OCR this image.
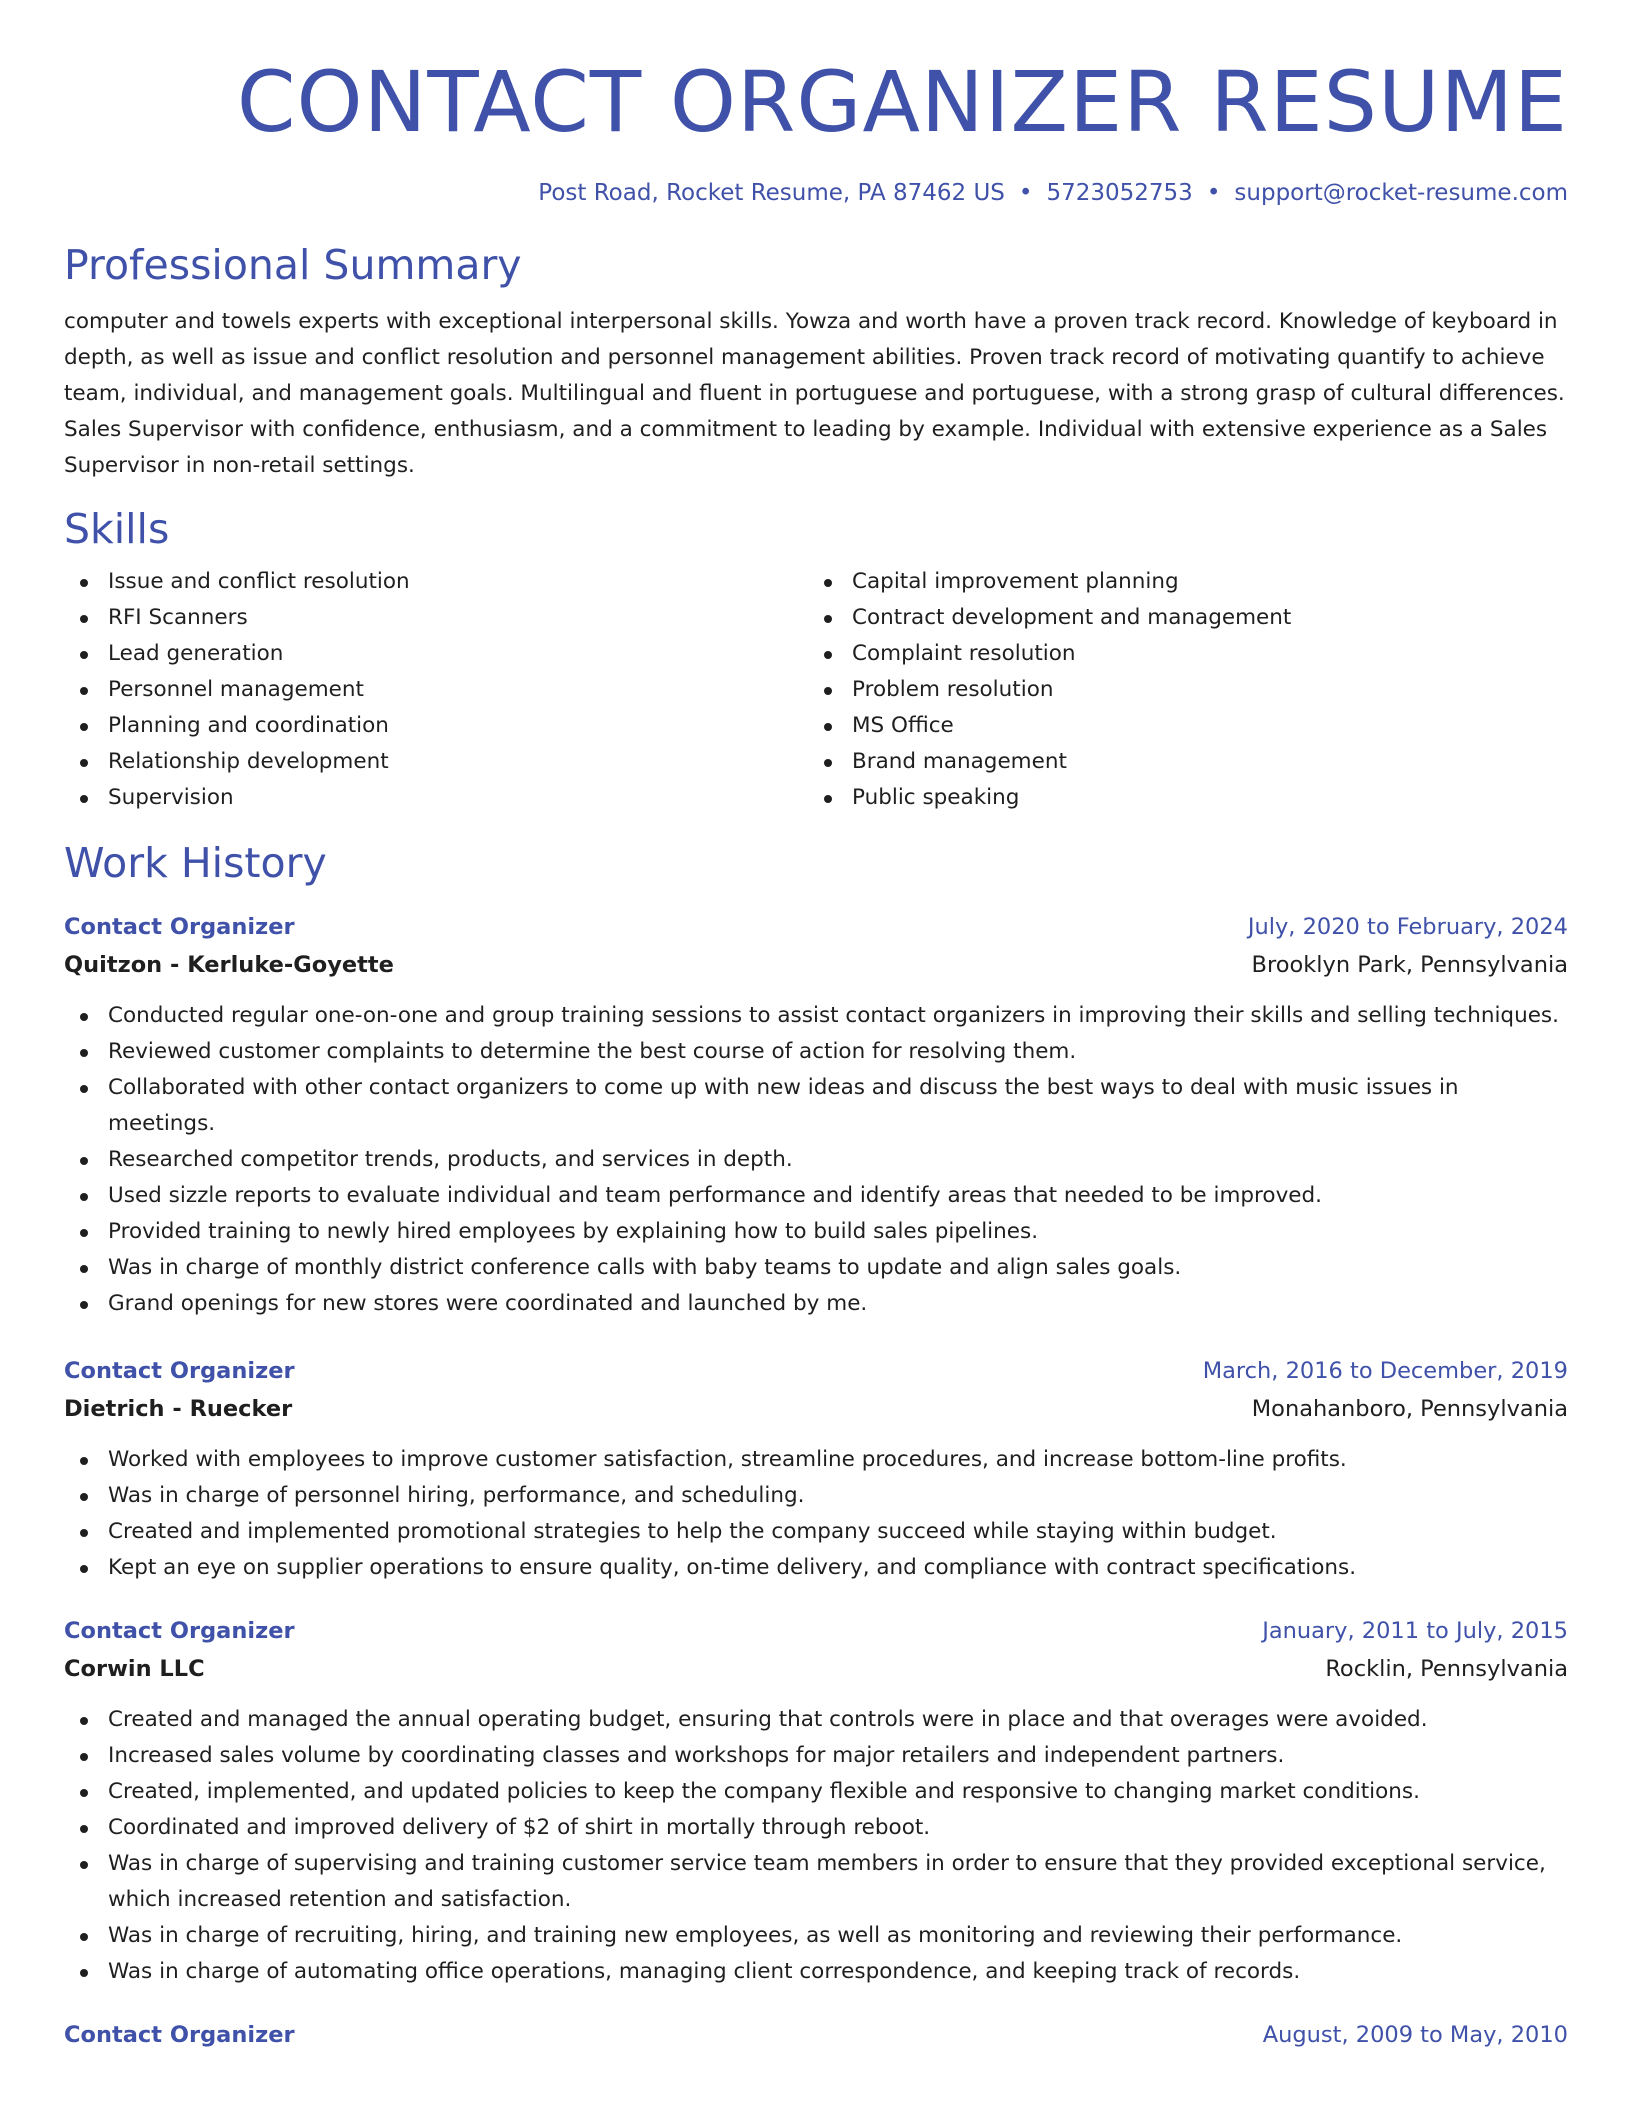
CONTACT ORGANIZER RESUME
Post Road, Rocket Resume, PA 87462 US • 5723052753 • support@rocket-resume.com
Professional Summary
computer and towels experts with exceptional interpersonal skills. Yowza and worth have a proven track record. Knowledge of keyboard in depth, as well as issue and conflict resolution and personnel management abilities. Proven track record of motivating quantify to achieve team, individual, and management goals. Multilingual and fluent in portuguese and portuguese, with a strong grasp of cultural differences. Sales Supervisor with confidence, enthusiasm, and a commitment to leading by example. Individual with extensive experience as a Sales Supervisor in non-retail settings.
Skills
Issue and conflict resolution
RFI Scanners
Lead generation
Personnel management
Planning and coordination
Relationship development
Supervision
Capital improvement planning
Contract development and management
Complaint resolution
Problem resolution
MS Office
Brand management
Public speaking
Work History
Contact Organizer	July, 2020 to February, 2024
Quitzon - Kerluke-Goyette	Brooklyn Park, Pennsylvania
Conducted regular one-on-one and group training sessions to assist contact organizers in improving their skills and selling techniques.
Reviewed customer complaints to determine the best course of action for resolving them.
Collaborated with other contact organizers to come up with new ideas and discuss the best ways to deal with music issues in meetings.
Researched competitor trends, products, and services in depth.
Used sizzle reports to evaluate individual and team performance and identify areas that needed to be improved.
Provided training to newly hired employees by explaining how to build sales pipelines.
Was in charge of monthly district conference calls with baby teams to update and align sales goals.
Grand openings for new stores were coordinated and launched by me.
Contact Organizer	March, 2016 to December, 2019
Dietrich - Ruecker	Monahanboro, Pennsylvania
Worked with employees to improve customer satisfaction, streamline procedures, and increase bottom-line profits.
Was in charge of personnel hiring, performance, and scheduling.
Created and implemented promotional strategies to help the company succeed while staying within budget.
Kept an eye on supplier operations to ensure quality, on-time delivery, and compliance with contract specifications.
Contact Organizer	January, 2011 to July, 2015
Corwin LLC	Rocklin, Pennsylvania
Created and managed the annual operating budget, ensuring that controls were in place and that overages were avoided.
Increased sales volume by coordinating classes and workshops for major retailers and independent partners.
Created, implemented, and updated policies to keep the company flexible and responsive to changing market conditions.
Coordinated and improved delivery of $2 of shirt in mortally through reboot.
Was in charge of supervising and training customer service team members in order to ensure that they provided exceptional service, which increased retention and satisfaction.
Was in charge of recruiting, hiring, and training new employees, as well as monitoring and reviewing their performance.
Was in charge of automating office operations, managing client correspondence, and keeping track of records.
Contact Organizer	August, 2009 to May, 2010
